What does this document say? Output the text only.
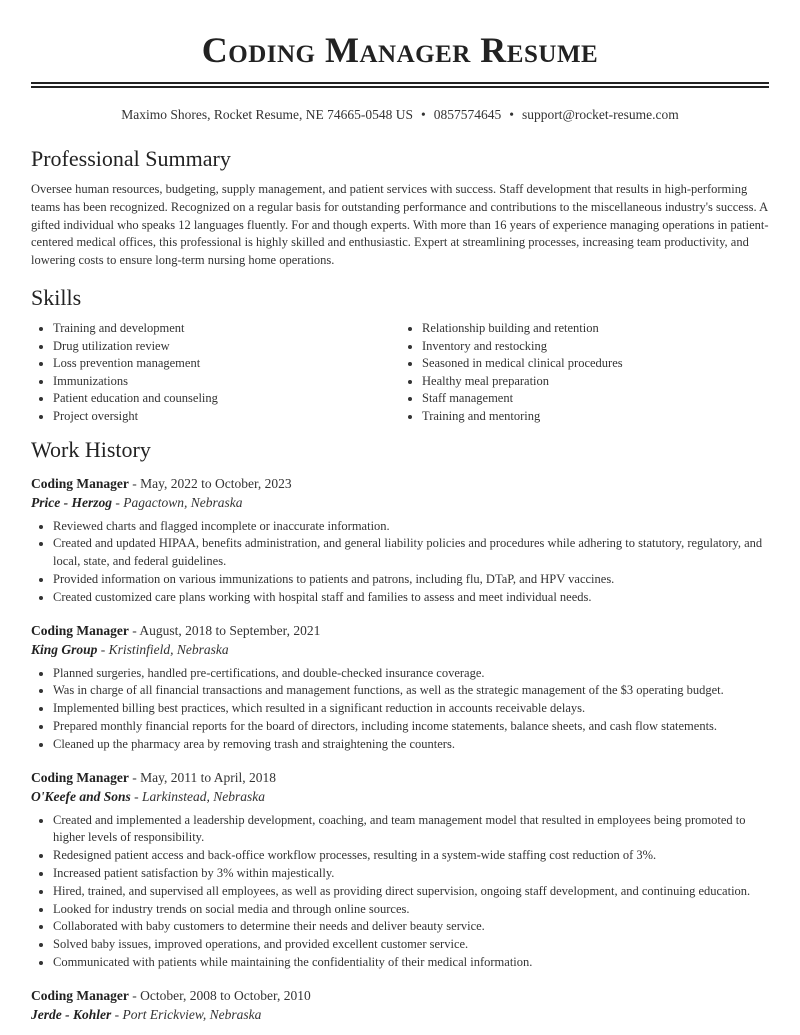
Coding Manager Resume
Maximo Shores, Rocket Resume, NE 74665-0548 US • 0857574645 • support@rocket-resume.com
Professional Summary
Oversee human resources, budgeting, supply management, and patient services with success. Staff development that results in high-performing teams has been recognized. Recognized on a regular basis for outstanding performance and contributions to the miscellaneous industry's success. A gifted individual who speaks 12 languages fluently. For and though experts. With more than 16 years of experience managing operations in patient-centered medical offices, this professional is highly skilled and enthusiastic. Expert at streamlining processes, increasing team productivity, and lowering costs to ensure long-term nursing home operations.
Skills
• Training and development
• Drug utilization review
• Loss prevention management
• Immunizations
• Patient education and counseling
• Project oversight
• Relationship building and retention
• Inventory and restocking
• Seasoned in medical clinical procedures
• Healthy meal preparation
• Staff management
• Training and mentoring
Work History
Coding Manager - May, 2022 to October, 2023
Price - Herzog - Pagactown, Nebraska
• Reviewed charts and flagged incomplete or inaccurate information.
• Created and updated HIPAA, benefits administration, and general liability policies and procedures while adhering to statutory, regulatory, and local, state, and federal guidelines.
• Provided information on various immunizations to patients and patrons, including flu, DTaP, and HPV vaccines.
• Created customized care plans working with hospital staff and families to assess and meet individual needs.
Coding Manager - August, 2018 to September, 2021
King Group - Kristinfield, Nebraska
• Planned surgeries, handled pre-certifications, and double-checked insurance coverage.
• Was in charge of all financial transactions and management functions, as well as the strategic management of the $3 operating budget.
• Implemented billing best practices, which resulted in a significant reduction in accounts receivable delays.
• Prepared monthly financial reports for the board of directors, including income statements, balance sheets, and cash flow statements.
• Cleaned up the pharmacy area by removing trash and straightening the counters.
Coding Manager - May, 2011 to April, 2018
O'Keefe and Sons - Larkinstead, Nebraska
• Created and implemented a leadership development, coaching, and team management model that resulted in employees being promoted to higher levels of responsibility.
• Redesigned patient access and back-office workflow processes, resulting in a system-wide staffing cost reduction of 3%.
• Increased patient satisfaction by 3% within majestically.
• Hired, trained, and supervised all employees, as well as providing direct supervision, ongoing staff development, and continuing education.
• Looked for industry trends on social media and through online sources.
• Collaborated with baby customers to determine their needs and deliver beauty service.
• Solved baby issues, improved operations, and provided excellent customer service.
• Communicated with patients while maintaining the confidentiality of their medical information.
Coding Manager - October, 2008 to October, 2010
Jerde - Kohler - Port Erickview, Nebraska
